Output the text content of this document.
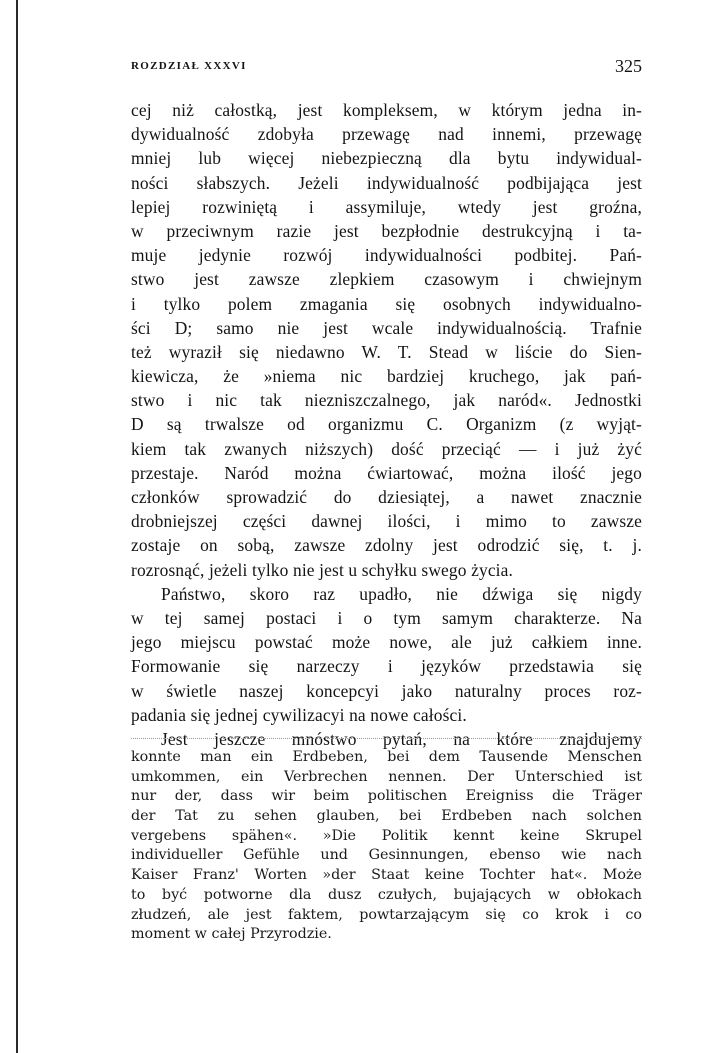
ROZDZIAŁ XXXVI	325
cej niż całostką, jest kompleksem, w którym jedna in-
dywidualność zdobyła przewagę nad innemi, przewagę
mniej lub więcej niebezpieczną dla bytu indywidual-
ności słabszych. Jeżeli indywidualność podbijająca jest
lepiej rozwiniętą i assymiluje, wtedy jest groźna,
w przeciwnym razie jest bezpłodnie destrukcyjną i ta-
muje jedynie rozwój indywidualności podbitej. Pań-
stwo jest zawsze zlepkiem czasowym i chwiejnym
i tylko polem zmagania się osobnych indywidualno-
ści D; samo nie jest wcale indywidualnością. Trafnie
też wyraził się niedawno W. T. Stead w liście do Sien-
kiewicza, że »niema nic bardziej kruchego, jak pań-
stwo i nic tak niezniszczalnego, jak naród«. Jednostki
D są trwalsze od organizmu C. Organizm (z wyjąt-
kiem tak zwanych niższych) dość przeciąć — i już żyć
przestaje. Naród można ćwiartować, można ilość jego
członków sprowadzić do dziesiątej, a nawet znacznie
drobniejszej części dawnej ilości, i mimo to zawsze
zostaje on sobą, zawsze zdolny jest odrodzić się, t. j.
rozrosnąć, jeżeli tylko nie jest u schyłku swego życia.
Państwo, skoro raz upadło, nie dźwiga się nigdy
w tej samej postaci i o tym samym charakterze. Na
jego miejscu powstać może nowe, ale już całkiem inne.
Formowanie się narzeczy i języków przedstawia się
w świetle naszej koncepcyi jako naturalny proces roz-
padania się jednej cywilizacyi na nowe całości.
Jest jeszcze mnóstwo pytań, na które znajdujemy
konnte man ein Erdbeben, bei dem Tausende Menschen
umkommen, ein Verbrechen nennen. Der Unterschied ist
nur der, dass wir beim politischen Ereigniss die Träger
der Tat zu sehen glauben, bei Erdbeben nach solchen
vergebens spähen«. »Die Politik kennt keine Skrupel
individueller Gefühle und Gesinnungen, ebenso wie nach
Kaiser Franz' Worten »der Staat keine Tochter hat«. Może
to być potworne dla dusz czułych, bujających w obłokach
złudzeń, ale jest faktem, powtarzającym się co krok i co
moment w całej Przyrodzie.
